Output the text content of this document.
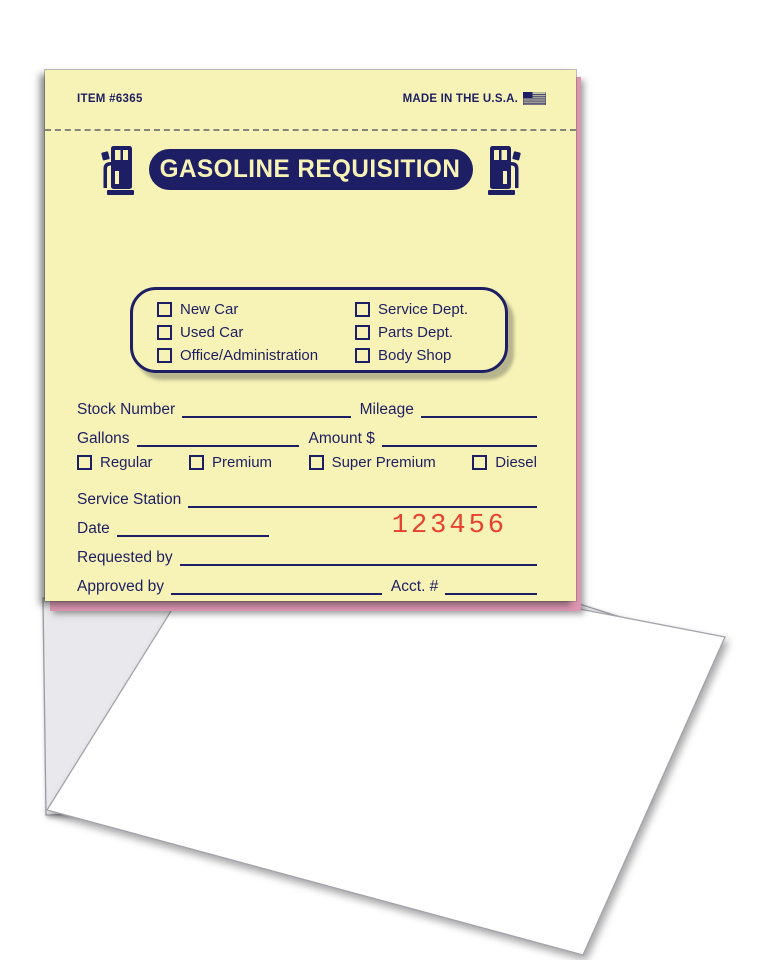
ITEM #6365	MADE IN THE U.S.A.
GASOLINE REQUISITION
New Car
Used Car
Office/Administration
Service Dept.
Parts Dept.
Body Shop
Stock Number	Mileage
Gallons	Amount $
Regular	Premium	Super Premium	Diesel
Service Station
Date	123456
Requested by
Approved by	Acct. #
